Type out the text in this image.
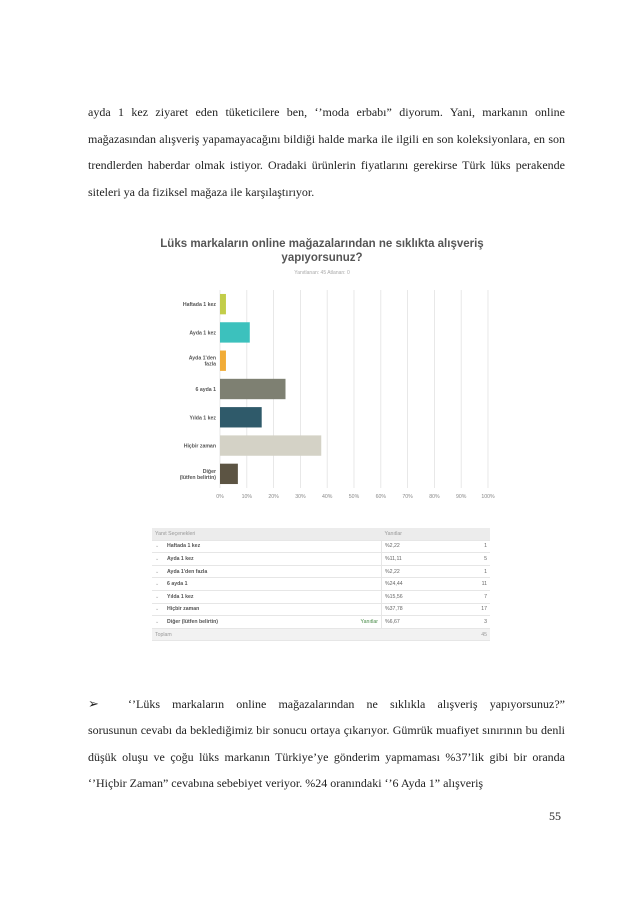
ayda 1 kez ziyaret eden tüketicilere ben, ‘’moda erbabı” diyorum. Yani, markanın online mağazasından alışveriş yapamayacağını bildiği halde marka ile ilgili en son koleksiyonlara, en son trendlerden haberdar olmak istiyor. Oradaki ürünlerin fiyatlarını gerekirse Türk lüks perakende siteleri ya da fiziksel mağaza ile karşılaştırıyor.

Lüks markaların online mağazalarından ne sıklıkta alışveriş yapıyorsunuz?
Yanıtlanan: 45 Atlanan: 0
0%	10%	20%	30%	40%	50%	60%	70%	80%	90%	100%
Haftada 1 kez
Ayda 1 kez
Ayda 1'den fazla
6 ayda 1
Yılda 1 kez
Hiçbir zaman
Diğer (lütfen belirtin)
Yanıt Seçenekleri			Yanıtlar	
⌄	Haftada 1 kez		%2,22	1
⌄	Ayda 1 kez		%11,11	5
⌄	Ayda 1'den fazla		%2,22	1
⌄	6 ayda 1		%24,44	11
⌄	Yılda 1 kez		%15,56	7
⌄	Hiçbir zaman		%37,78	17
⌄	Diğer (lütfen belirtin)	Yanıtlar	%6,67	3
Toplam				45
➢	‘’Lüks markaların online mağazalarından ne sıklıkla alışveriş yapıyorsunuz?”

sorusunun cevabı da beklediğimiz bir sonucu ortaya çıkarıyor. Gümrük muafiyet sınırının bu denli düşük oluşu ve çoğu lüks markanın Türkiye’ye gönderim yapmaması %37’lik gibi bir oranda ‘’Hiçbir Zaman” cevabına sebebiyet veriyor. %24 oranındaki ‘’6 Ayda 1” alışveriş

55
